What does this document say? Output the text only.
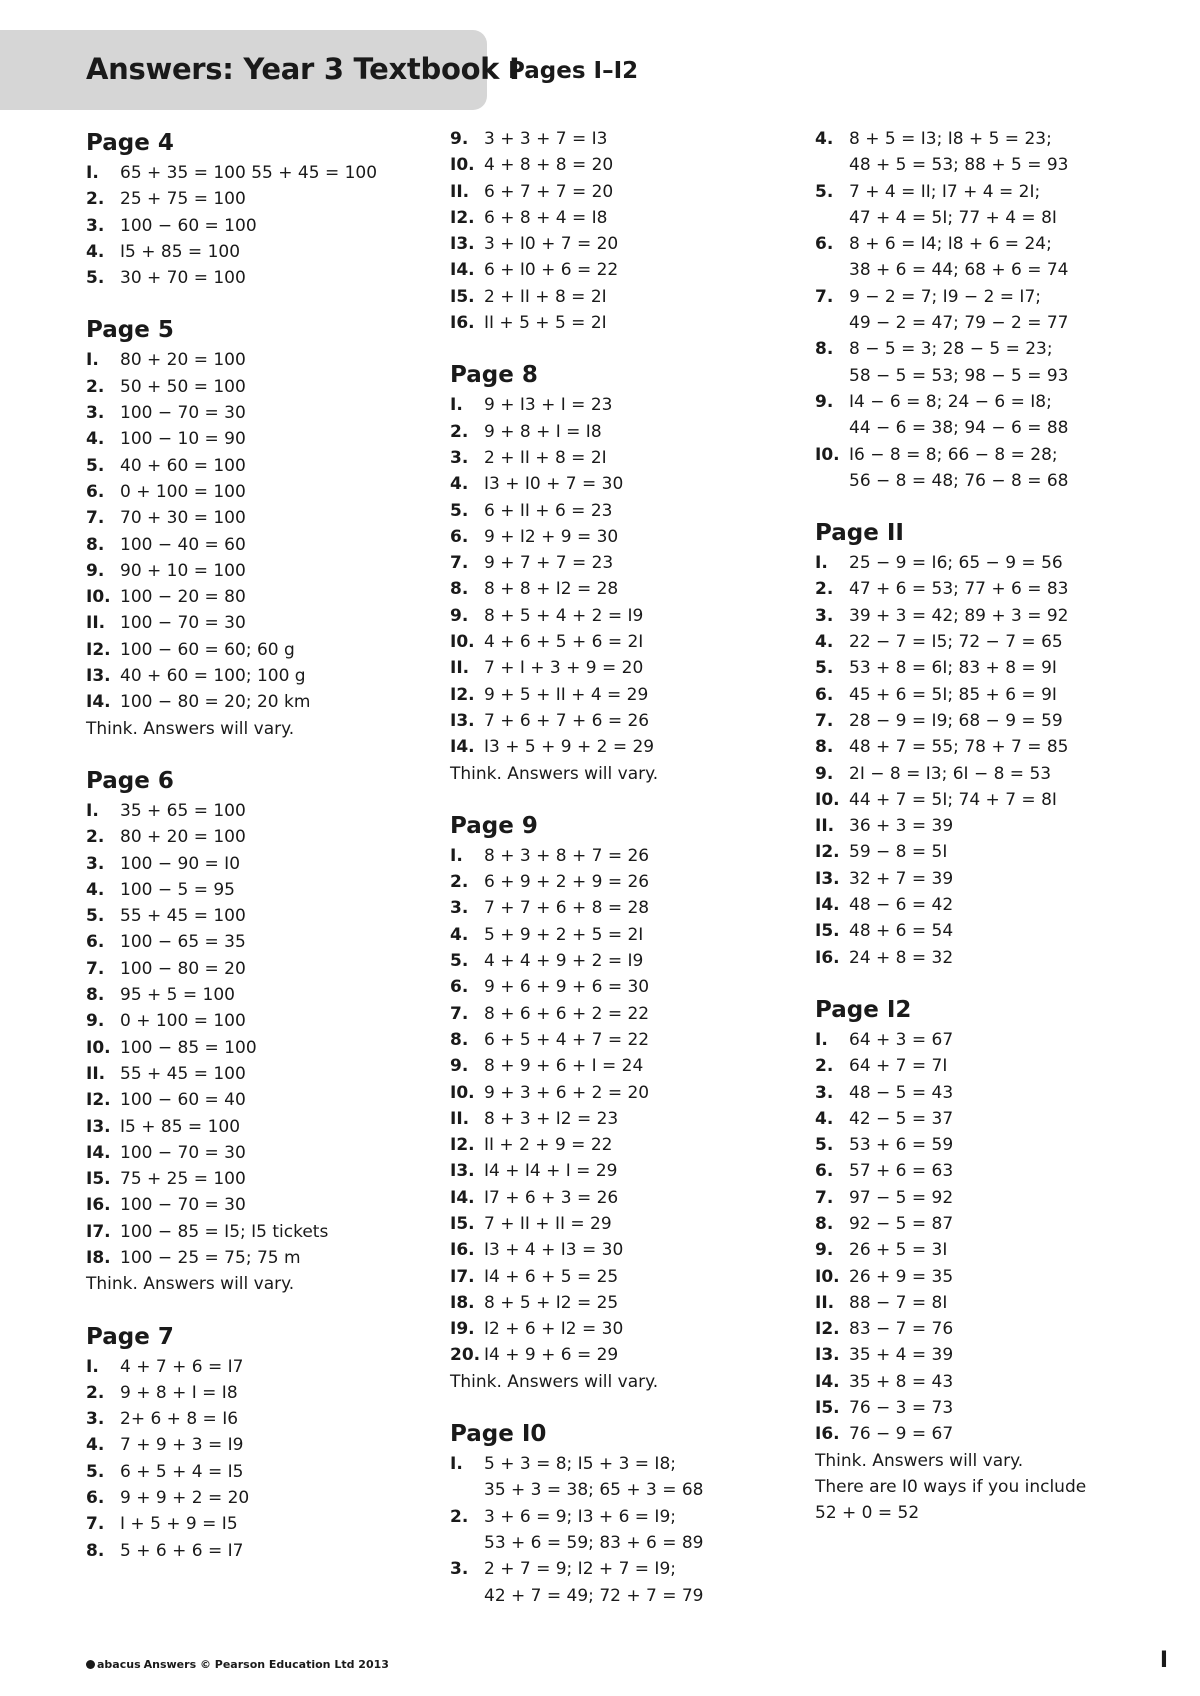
Answers: Year 3 Textbook I
Pages I–I2
Page 4
I.	65 + 35 = 100 55 + 45 = 100
2. 25 + 75 = 100
3. 100 − 60 = 100
4. I5 + 85 = 100
5. 30 + 70 = 100
Page 5
I.	80 + 20 = 100
2. 50 + 50 = 100
3. 100 − 70 = 30
4. 100 − 10 = 90
5. 40 + 60 = 100
6. 0 + 100 = 100
7. 70 + 30 = 100
8. 100 − 40 = 60
9. 90 + 10 = 100
I0. 100 − 20 = 80
II. 100 − 70 = 30
I2. 100 − 60 = 60; 60 g
I3. 40 + 60 = 100; 100 g
I4. 100 − 80 = 20; 20 km
Think. Answers will vary.
Page 6
I.	35 + 65 = 100
2. 80 + 20 = 100
3. 100 − 90 = I0
4. 100 − 5 = 95
5. 55 + 45 = 100
6. 100 − 65 = 35
7. 100 − 80 = 20
8. 95 + 5 = 100
9. 0 + 100 = 100
I0. 100 − 85 = 100
II. 55 + 45 = 100
I2. 100 − 60 = 40
I3. I5 + 85 = 100
I4. 100 − 70 = 30
I5. 75 + 25 = 100
I6. 100 − 70 = 30
I7. 100 − 85 = I5; I5 tickets
I8. 100 − 25 = 75; 75 m
Think. Answers will vary.
Page 7
I.	4 + 7 + 6 = I7
2. 9 + 8 + I = I8
3. 2+ 6 + 8 = I6
4. 7 + 9 + 3 = I9
5. 6 + 5 + 4 = I5
6. 9 + 9 + 2 = 20
7. I + 5 + 9 = I5
8. 5 + 6 + 6 = I7
9. 3 + 3 + 7 = I3
I0. 4 + 8 + 8 = 20
II. 6 + 7 + 7 = 20
I2. 6 + 8 + 4 = I8
I3. 3 + I0 + 7 = 20
I4. 6 + I0 + 6 = 22
I5. 2 + II + 8 = 2I
I6. II + 5 + 5 = 2I
Page 8
I.	9 + I3 + I = 23
2. 9 + 8 + I = I8
3. 2 + II + 8 = 2I
4. I3 + I0 + 7 = 30
5. 6 + II + 6 = 23
6. 9 + I2 + 9 = 30
7. 9 + 7 + 7 = 23
8. 8 + 8 + I2 = 28
9. 8 + 5 + 4 + 2 = I9
I0. 4 + 6 + 5 + 6 = 2I
II. 7 + I + 3 + 9 = 20
I2. 9 + 5 + II + 4 = 29
I3. 7 + 6 + 7 + 6 = 26
I4. I3 + 5 + 9 + 2 = 29
Think. Answers will vary.
Page 9
I.	8 + 3 + 8 + 7 = 26
2. 6 + 9 + 2 + 9 = 26
3. 7 + 7 + 6 + 8 = 28
4. 5 + 9 + 2 + 5 = 2I
5. 4 + 4 + 9 + 2 = I9
6. 9 + 6 + 9 + 6 = 30
7. 8 + 6 + 6 + 2 = 22
8. 6 + 5 + 4 + 7 = 22
9. 8 + 9 + 6 + I = 24
I0. 9 + 3 + 6 + 2 = 20
II. 8 + 3 + I2 = 23
I2. II + 2 + 9 = 22
I3. I4 + I4 + I = 29
I4. I7 + 6 + 3 = 26
I5. 7 + II + II = 29
I6. I3 + 4 + I3 = 30
I7. I4 + 6 + 5 = 25
I8. 8 + 5 + I2 = 25
I9. I2 + 6 + I2 = 30
20. I4 + 9 + 6 = 29
Think. Answers will vary.
Page I0
I.	5 + 3 = 8; I5 + 3 = I8;
35 + 3 = 38; 65 + 3 = 68
2. 3 + 6 = 9; I3 + 6 = I9;
53 + 6 = 59; 83 + 6 = 89
3. 2 + 7 = 9; I2 + 7 = I9;
42 + 7 = 49; 72 + 7 = 79
4. 8 + 5 = I3; I8 + 5 = 23;
48 + 5 = 53; 88 + 5 = 93
5. 7 + 4 = II; I7 + 4 = 2I;
47 + 4 = 5I; 77 + 4 = 8I
6. 8 + 6 = I4; I8 + 6 = 24;
38 + 6 = 44; 68 + 6 = 74
7. 9 − 2 = 7; I9 − 2 = I7;
49 − 2 = 47; 79 − 2 = 77
8. 8 − 5 = 3; 28 − 5 = 23;
58 − 5 = 53; 98 − 5 = 93
9. I4 − 6 = 8; 24 − 6 = I8;
44 − 6 = 38; 94 − 6 = 88
I0. I6 − 8 = 8; 66 − 8 = 28;
56 − 8 = 48; 76 − 8 = 68
Page II
I.	25 − 9 = I6; 65 − 9 = 56
2. 47 + 6 = 53; 77 + 6 = 83
3. 39 + 3 = 42; 89 + 3 = 92
4. 22 − 7 = I5; 72 − 7 = 65
5. 53 + 8 = 6I; 83 + 8 = 9I
6. 45 + 6 = 5I; 85 + 6 = 9I
7. 28 − 9 = I9; 68 − 9 = 59
8. 48 + 7 = 55; 78 + 7 = 85
9. 2I − 8 = I3; 6I − 8 = 53
I0. 44 + 7 = 5I; 74 + 7 = 8I
II. 36 + 3 = 39
I2. 59 − 8 = 5I
I3. 32 + 7 = 39
I4. 48 − 6 = 42
I5. 48 + 6 = 54
I6. 24 + 8 = 32
Page I2
I.	64 + 3 = 67
2. 64 + 7 = 7I
3. 48 − 5 = 43
4. 42 − 5 = 37
5. 53 + 6 = 59
6. 57 + 6 = 63
7. 97 − 5 = 92
8. 92 − 5 = 87
9. 26 + 5 = 3I
I0. 26 + 9 = 35
II. 88 − 7 = 8I
I2. 83 − 7 = 76
I3. 35 + 4 = 39
I4. 35 + 8 = 43
I5. 76 − 3 = 73
I6. 76 − 9 = 67
Think. Answers will vary.
There are I0 ways if you include
52 + 0 = 52
abacus Answers © Pearson Education Ltd 2013	I
